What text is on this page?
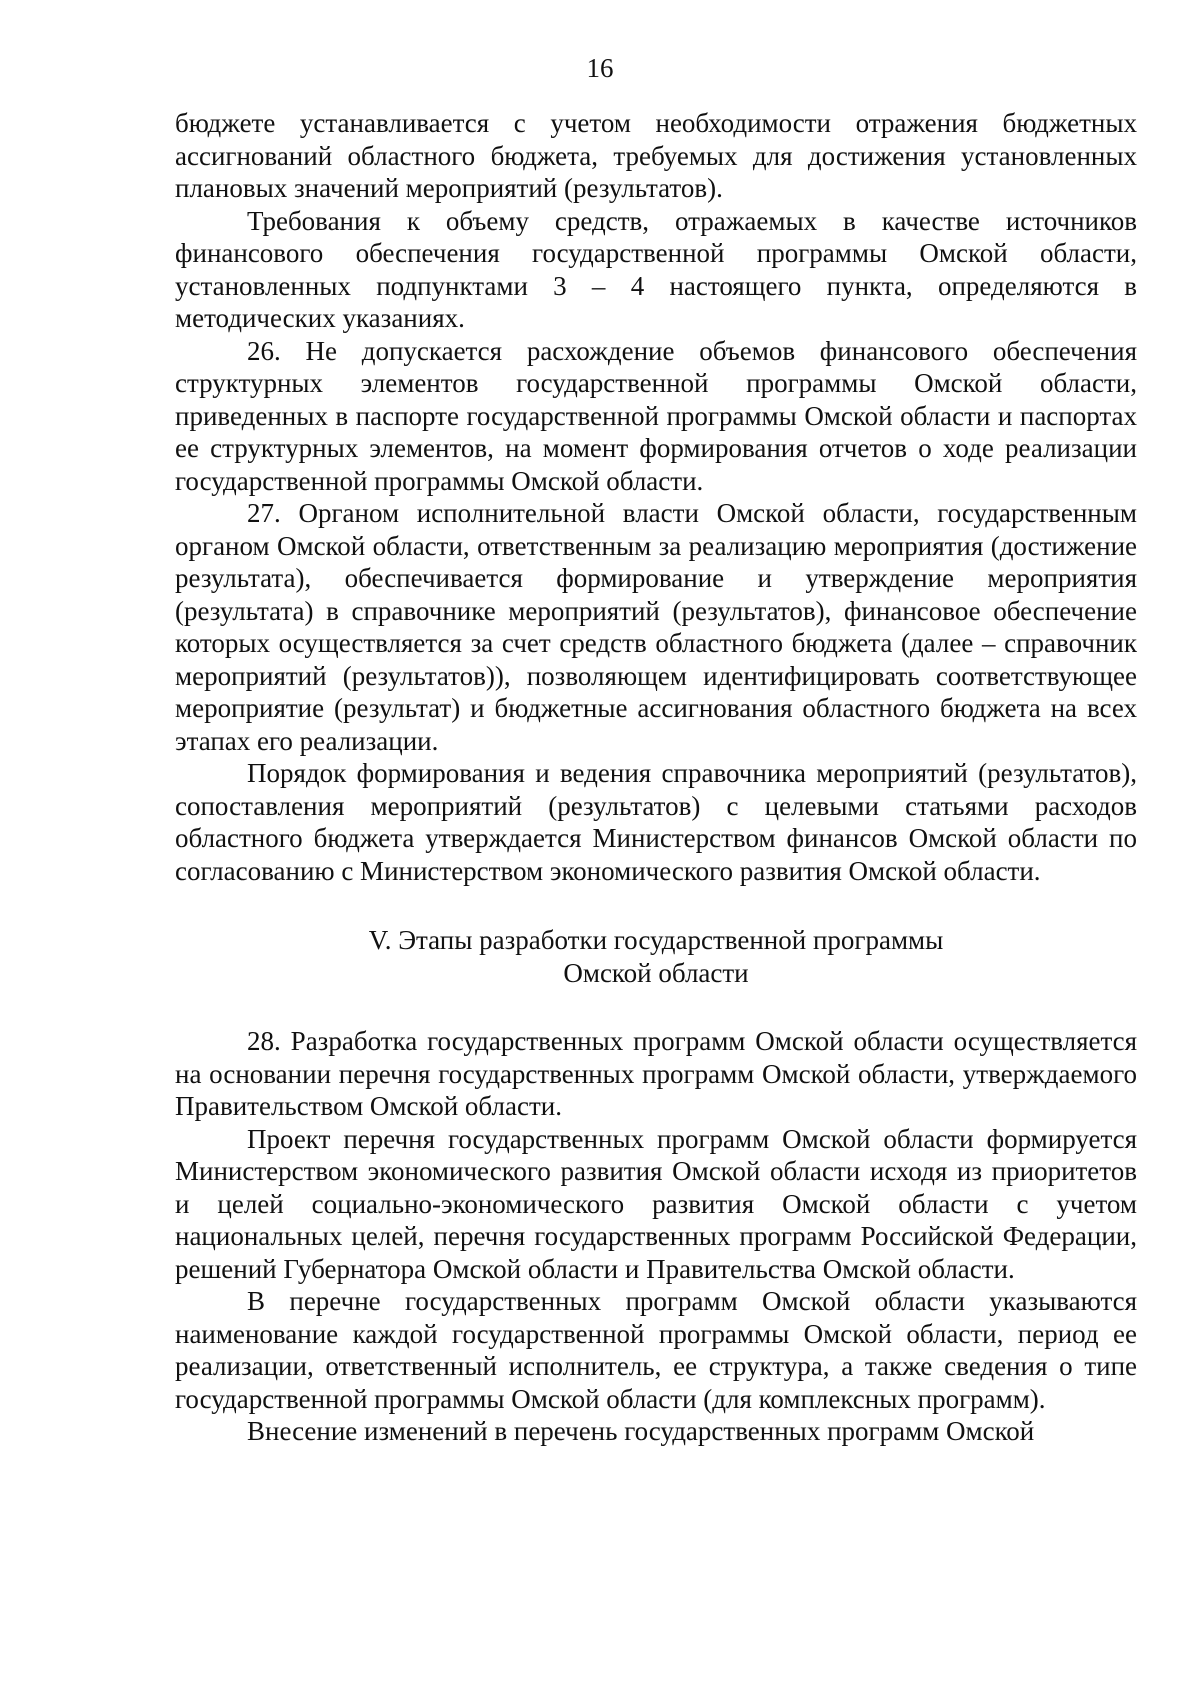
16

бюджете устанавливается с учетом необходимости отражения бюджетных ассигнований областного бюджета, требуемых для достижения установленных плановых значений мероприятий (результатов).

Требования к объему средств, отражаемых в качестве источников финансового обеспечения государственной программы Омской области, установленных подпунктами 3 – 4 настоящего пункта, определяются в методических указаниях.

26. Не допускается расхождение объемов финансового обеспечения структурных элементов государственной программы Омской области, приведенных в паспорте государственной программы Омской области и паспортах ее структурных элементов, на момент формирования отчетов о ходе реализации государственной программы Омской области.

27. Органом исполнительной власти Омской области, государственным органом Омской области, ответственным за реализацию мероприятия (достижение результата), обеспечивается формирование и утверждение мероприятия (результата) в справочнике мероприятий (результатов), финансовое обеспечение которых осуществляется за счет средств областного бюджета (далее – справочник мероприятий (результатов)), позволяющем идентифицировать соответствующее мероприятие (результат) и бюджетные ассигнования областного бюджета на всех этапах его реализации.

Порядок формирования и ведения справочника мероприятий (результатов), сопоставления мероприятий (результатов) с целевыми статьями расходов областного бюджета утверждается Министерством финансов Омской области по согласованию с Министерством экономического развития Омской области.

V. Этапы разработки государственной программы

Омской области

28. Разработка государственных программ Омской области осуществляется на основании перечня государственных программ Омской области, утверждаемого Правительством Омской области.

Проект перечня государственных программ Омской области формируется Министерством экономического развития Омской области исходя из приоритетов и целей социально-экономического развития Омской области с учетом национальных целей, перечня государственных программ Российской Федерации, решений Губернатора Омской области и Правительства Омской области.

В перечне государственных программ Омской области указываются наименование каждой государственной программы Омской области, период ее реализации, ответственный исполнитель, ее структура, а также сведения о типе государственной программы Омской области (для комплексных программ).

Внесение изменений в перечень государственных программ Омской
